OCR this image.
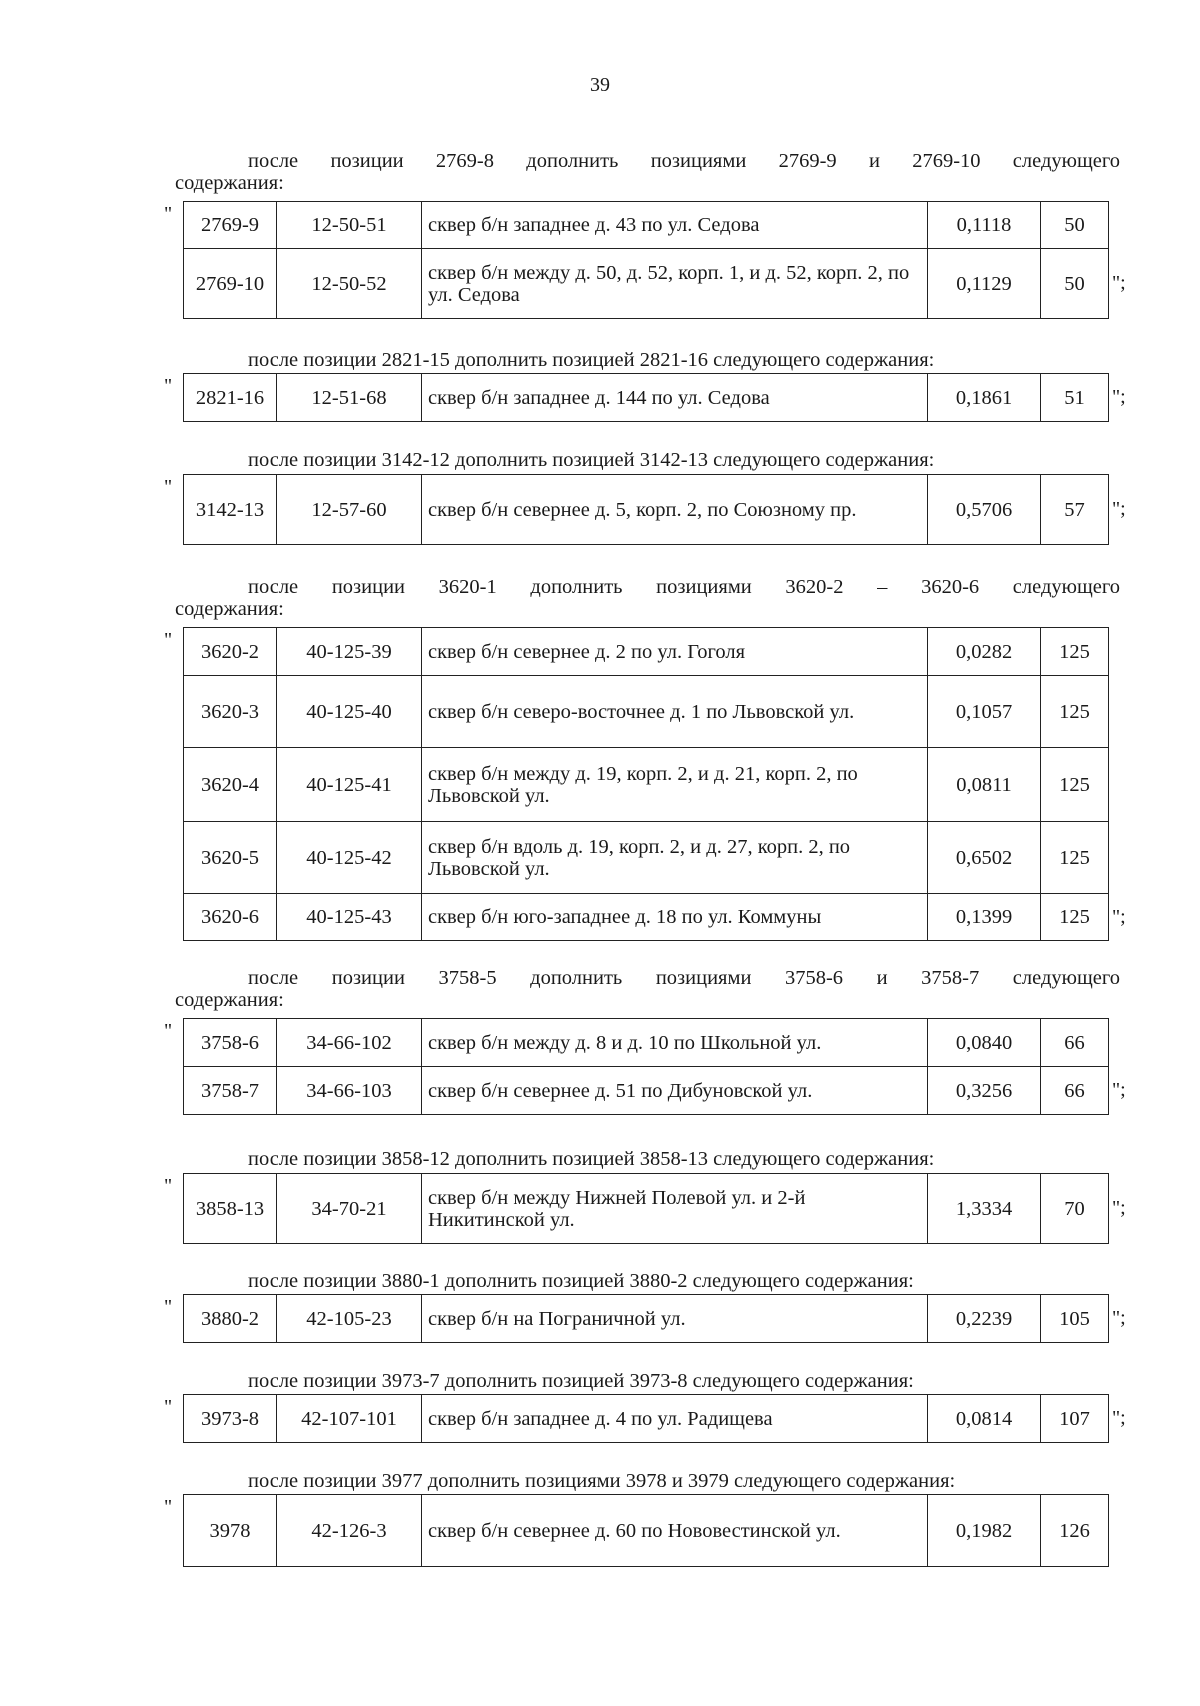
39
после позиции 2769-8 дополнить позициями 2769-9 и 2769-10 следующего
содержания:
" 2769-9	12-50-51	сквер б/н западнее д. 43 по ул. Седова	0,1118	50
2769-10	12-50-52	сквер б/н между д. 50, д. 52, корп. 1, и д. 52, корп. 2, по ул. Седова	0,1129	50 ";
после позиции 2821-15 дополнить позицией 2821-16 следующего содержания:
"
2821-16	12-51-68	сквер б/н западнее д. 144 по ул. Седова	0,1861	51 ";
после позиции 3142-12 дополнить позицией 3142-13 следующего содержания:
"
3142-13	12-57-60	сквер б/н севернее д. 5, корп. 2, по Союзному пр.	0,5706	57 ";
после позиции 3620-1 дополнить позициями 3620-2 – 3620-6 следующего
содержания:
"
3620-2	40-125-39	сквер б/н севернее д. 2 по ул. Гоголя	0,0282	125
3620-3	40-125-40	сквер б/н северо-восточнее д. 1 по Львовской ул.	0,1057	125
3620-4	40-125-41	сквер б/н между д. 19, корп. 2, и д. 21, корп. 2, по Львовской ул.	0,0811	125
3620-5	40-125-42	сквер б/н вдоль д. 19, корп. 2, и д. 27, корп. 2, по Львовской ул.	0,6502	125
3620-6	40-125-43	сквер б/н юго-западнее д. 18 по ул. Коммуны	0,1399	125 ";
после позиции 3758-5 дополнить позициями 3758-6 и 3758-7 следующего
содержания:
"
3758-6	34-66-102	сквер б/н между д. 8 и д. 10 по Школьной ул.	0,0840	66
3758-7	34-66-103	сквер б/н севернее д. 51 по Дибуновской ул.	0,3256	66 ";
после позиции 3858-12 дополнить позицией 3858-13 следующего содержания:
"
3858-13	34-70-21	сквер б/н между Нижней Полевой ул. и 2-й Никитинской ул.	1,3334	70 ";
после позиции 3880-1 дополнить позицией 3880-2 следующего содержания:
"
3880-2	42-105-23	сквер б/н на Пограничной ул.	0,2239	105 ";
после позиции 3973-7 дополнить позицией 3973-8 следующего содержания:
"
3973-8	42-107-101	сквер б/н западнее д. 4 по ул. Радищева	0,0814	107 ";
после позиции 3977 дополнить позициями 3978 и 3979 следующего содержания:
"
3978	42-126-3	сквер б/н севернее д. 60 по Нововестинской ул.	0,1982	126
